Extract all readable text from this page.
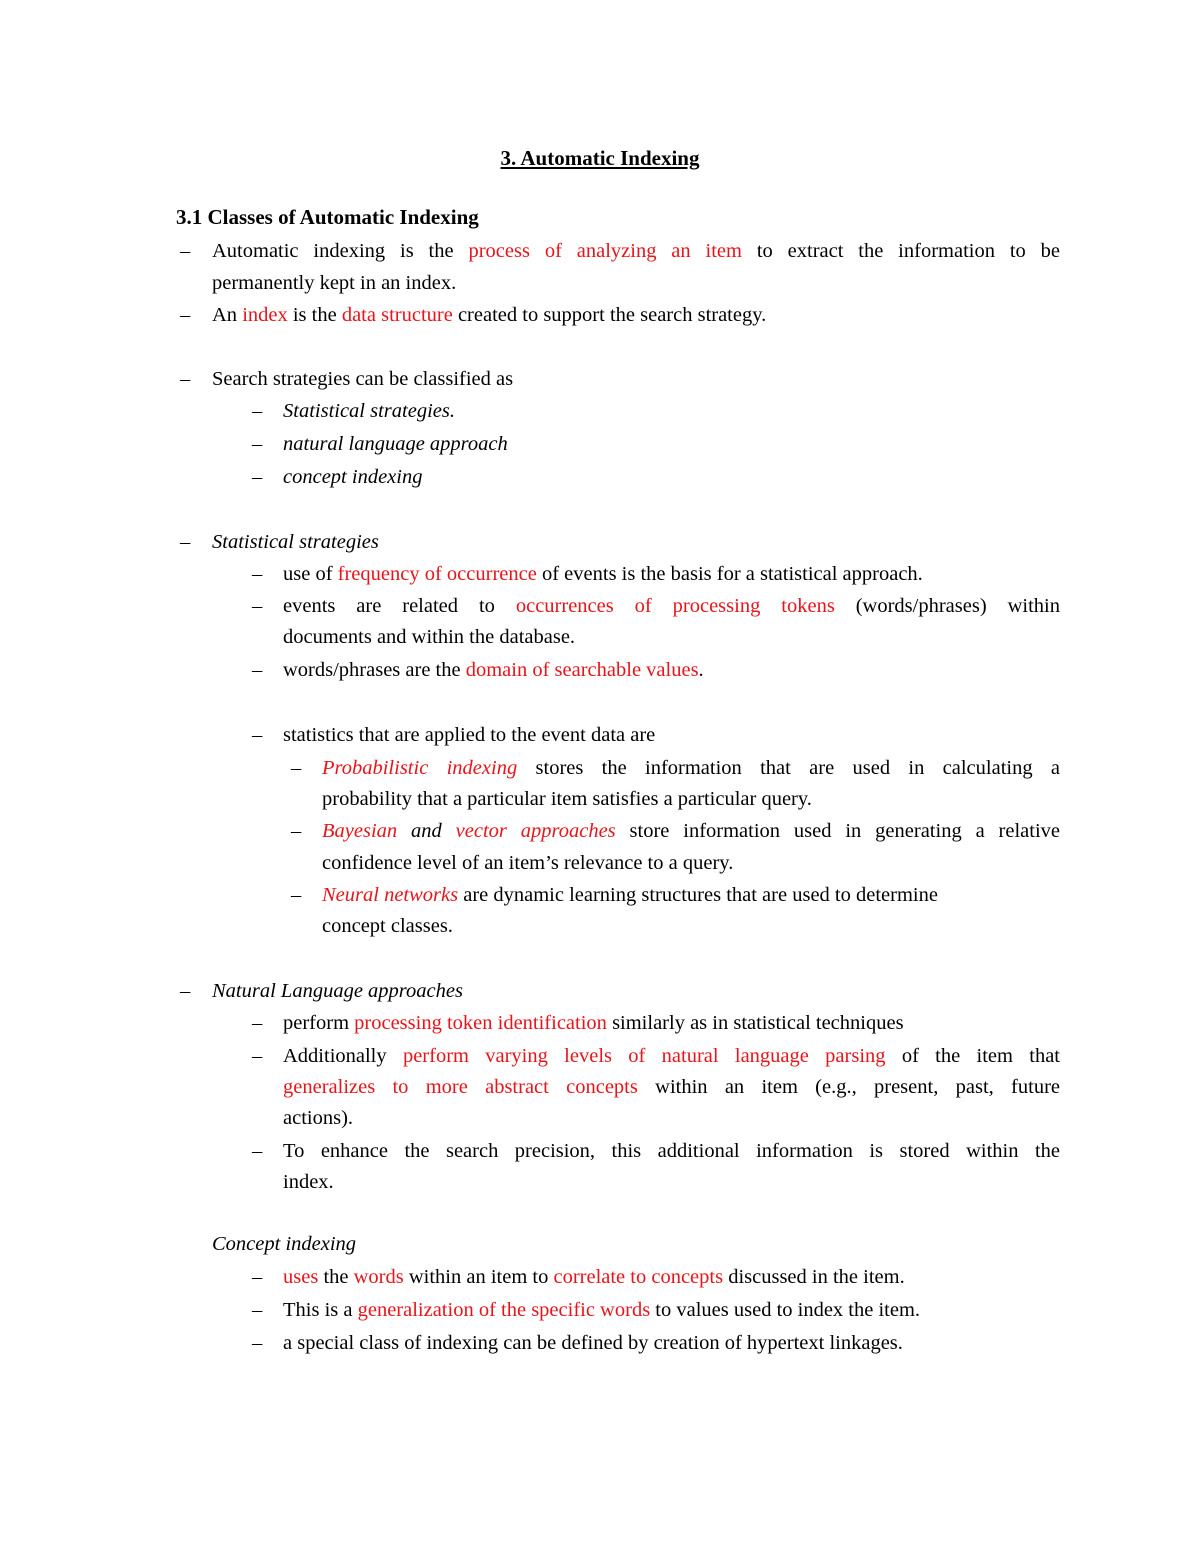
3. Automatic Indexing
3.1 Classes of Automatic Indexing
– Automatic indexing is the process of analyzing an item to extract the information to be
permanently kept in an index.
– An index is the data structure created to support the search strategy.
– Search strategies can be classified as
– Statistical strategies.
– natural language approach
– concept indexing
– Statistical strategies
– use of frequency of occurrence of events is the basis for a statistical approach.
– events are related to occurrences of processing tokens (words/phrases) within
documents and within the database.
– words/phrases are the domain of searchable values.
– statistics that are applied to the event data are
– Probabilistic indexing stores the information that are used in calculating a
probability that a particular item satisfies a particular query.
– Bayesian and vector approaches store information used in generating a relative
confidence level of an item’s relevance to a query.
– Neural networks are dynamic learning structures that are used to determine
concept classes.
– Natural Language approaches
– perform processing token identification similarly as in statistical techniques
– Additionally perform varying levels of natural language parsing of the item that
generalizes to more abstract concepts within an item (e.g., present, past, future
actions).
– To enhance the search precision, this additional information is stored within the
index.
Concept indexing
– uses the words within an item to correlate to concepts discussed in the item.
– This is a generalization of the specific words to values used to index the item.
– a special class of indexing can be defined by creation of hypertext linkages.
